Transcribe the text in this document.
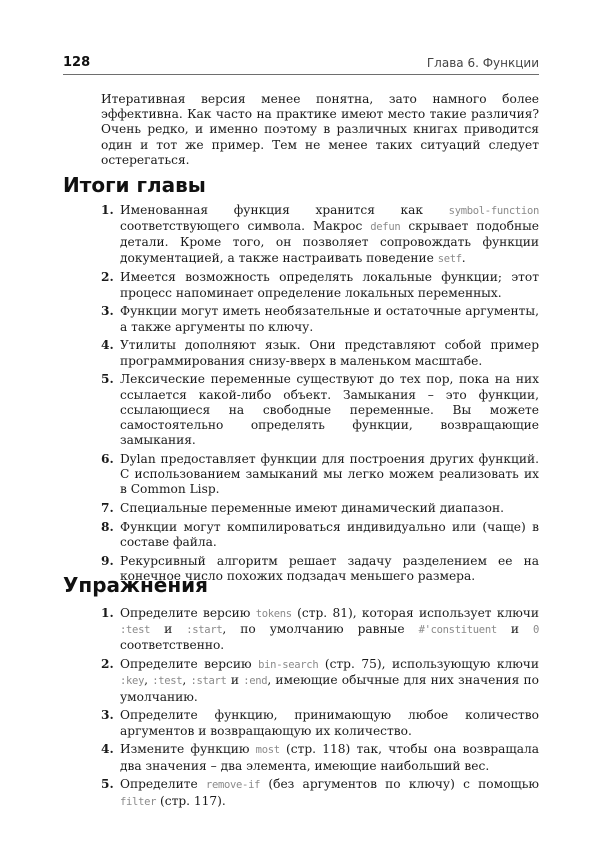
128	Глава 6. Функции

Итеративная версия менее понятна, зато намного более эффективна. Как часто на практике имеют место такие различия? Очень редко, и именно поэтому в различных книгах приводится один и тот же пример. Тем не менее таких ситуаций следует остерегаться.

Итоги главы
1. Именованная функция хранится как symbol-function соответствующего символа. Макрос defun скрывает подобные детали. Кроме того, он позволяет сопровождать функции документацией, а также настраивать поведение setf.
2. Имеется возможность определять локальные функции; этот процесс напоминает определение локальных переменных.
3. Функции могут иметь необязательные и остаточные аргументы, а также аргументы по ключу.
4. Утилиты дополняют язык. Они представляют собой пример программирования снизу-вверх в маленьком масштабе.
5. Лексические переменные существуют до тех пор, пока на них ссылается какой-либо объект. Замыкания – это функции, ссылающиеся на свободные переменные. Вы можете самостоятельно определять функции, возвращающие замыкания.
6. Dylan предоставляет функции для построения других функций. С использованием замыканий мы легко можем реализовать их в Common Lisp.
7. Специальные переменные имеют динамический диапазон.
8. Функции могут компилироваться индивидуально или (чаще) в составе файла.
9. Рекурсивный алгоритм решает задачу разделением ее на конечное число похожих подзадач меньшего размера.
Упражнения
1. Определите версию tokens (стр. 81), которая использует ключи :test и :start, по умолчанию равные #'constituent и 0 соответственно.
2. Определите версию bin-search (стр. 75), использующую ключи :key, :test, :start и :end, имеющие обычные для них значения по умолчанию.
3. Определите функцию, принимающую любое количество аргументов и возвращающую их количество.
4. Измените функцию most (стр. 118) так, чтобы она возвращала два значения – два элемента, имеющие наибольший вес.
5. Определите remove-if (без аргументов по ключу) с помощью filter (стр. 117).
